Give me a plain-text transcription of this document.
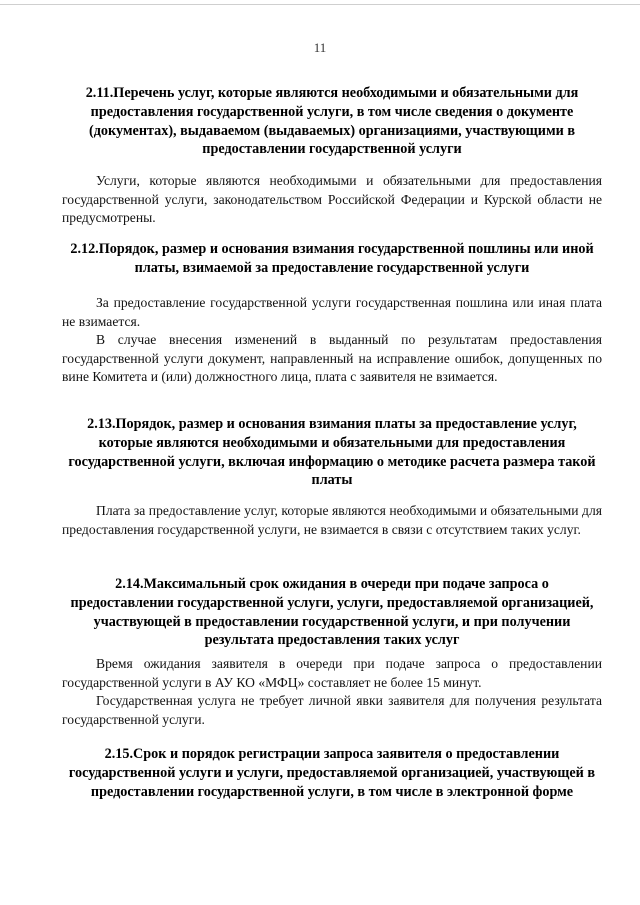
11

2.11.Перечень услуг, которые являются необходимыми и обязательными для предоставления государственной услуги, в том числе сведения о документе (документах), выдаваемом (выдаваемых) организациями, участвующими в предоставлении государственной услуги

Услуги, которые являются необходимыми и обязательными для предоставления государственной услуги, законодательством Российской Федерации и Курской области не предусмотрены.

2.12.Порядок, размер и основания взимания государственной пошлины или иной платы, взимаемой за предоставление государственной услуги

За предоставление государственной услуги государственная пошлина или иная плата не взимается.

В случае внесения изменений в выданный по результатам предоставления государственной услуги документ, направленный на исправление ошибок, допущенных по вине Комитета и (или) должностного лица, плата с заявителя не взимается.

2.13.Порядок, размер и основания взимания платы за предоставление услуг, которые являются необходимыми и обязательными для предоставления государственной услуги, включая информацию о методике расчета размера такой платы

Плата за предоставление услуг, которые являются необходимыми и обязательными для предоставления государственной услуги, не взимается в связи с отсутствием таких услуг.

2.14.Максимальный срок ожидания в очереди при подаче запроса о предоставлении государственной услуги, услуги, предоставляемой организацией, участвующей в предоставлении государственной услуги, и при получении результата предоставления таких услуг

Время ожидания заявителя в очереди при подаче запроса о предоставлении государственной услуги в АУ КО «МФЦ» составляет не более 15 минут.

Государственная услуга не требует личной явки заявителя для получения результата государственной услуги.

2.15.Срок и порядок регистрации запроса заявителя о предоставлении государственной услуги и услуги, предоставляемой организацией, участвующей в предоставлении государственной услуги, в том числе в электронной форме
